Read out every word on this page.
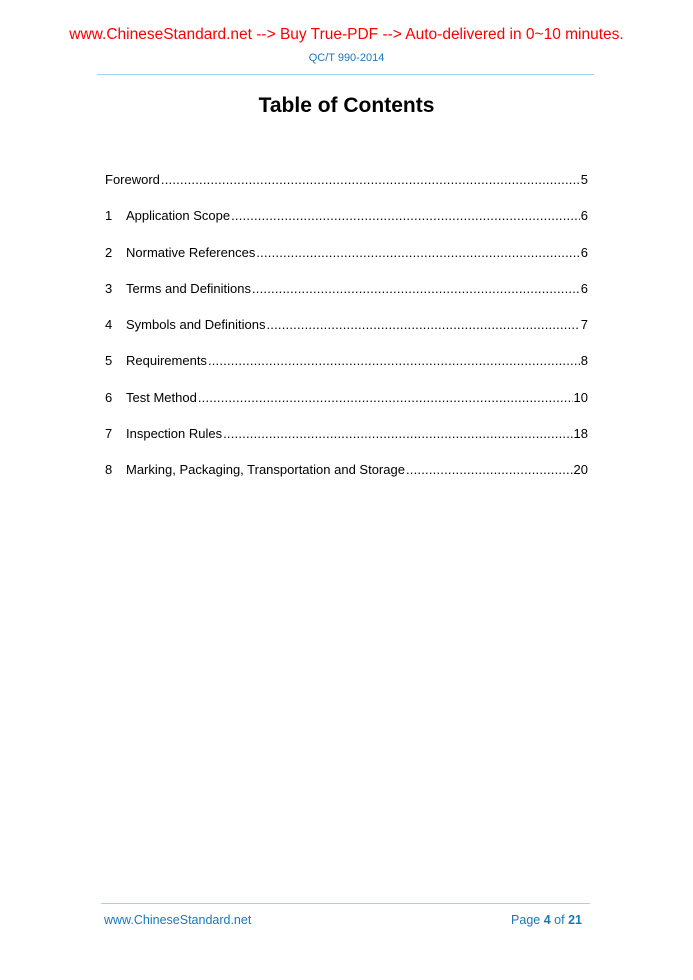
www.ChineseStandard.net --> Buy True-PDF --> Auto-delivered in 0~10 minutes.
QC/T 990-2014
Table of Contents
Foreword .....	5
1	Application Scope .....	6
2	Normative References .....	6
3	Terms and Definitions .....	6
4	Symbols and Definitions .....	7
5	Requirements .....	8
6	Test Method .....	10
7	Inspection Rules .....	18
8	Marking, Packaging, Transportation and Storage .....	20
www.ChineseStandard.net	Page 4 of 21
